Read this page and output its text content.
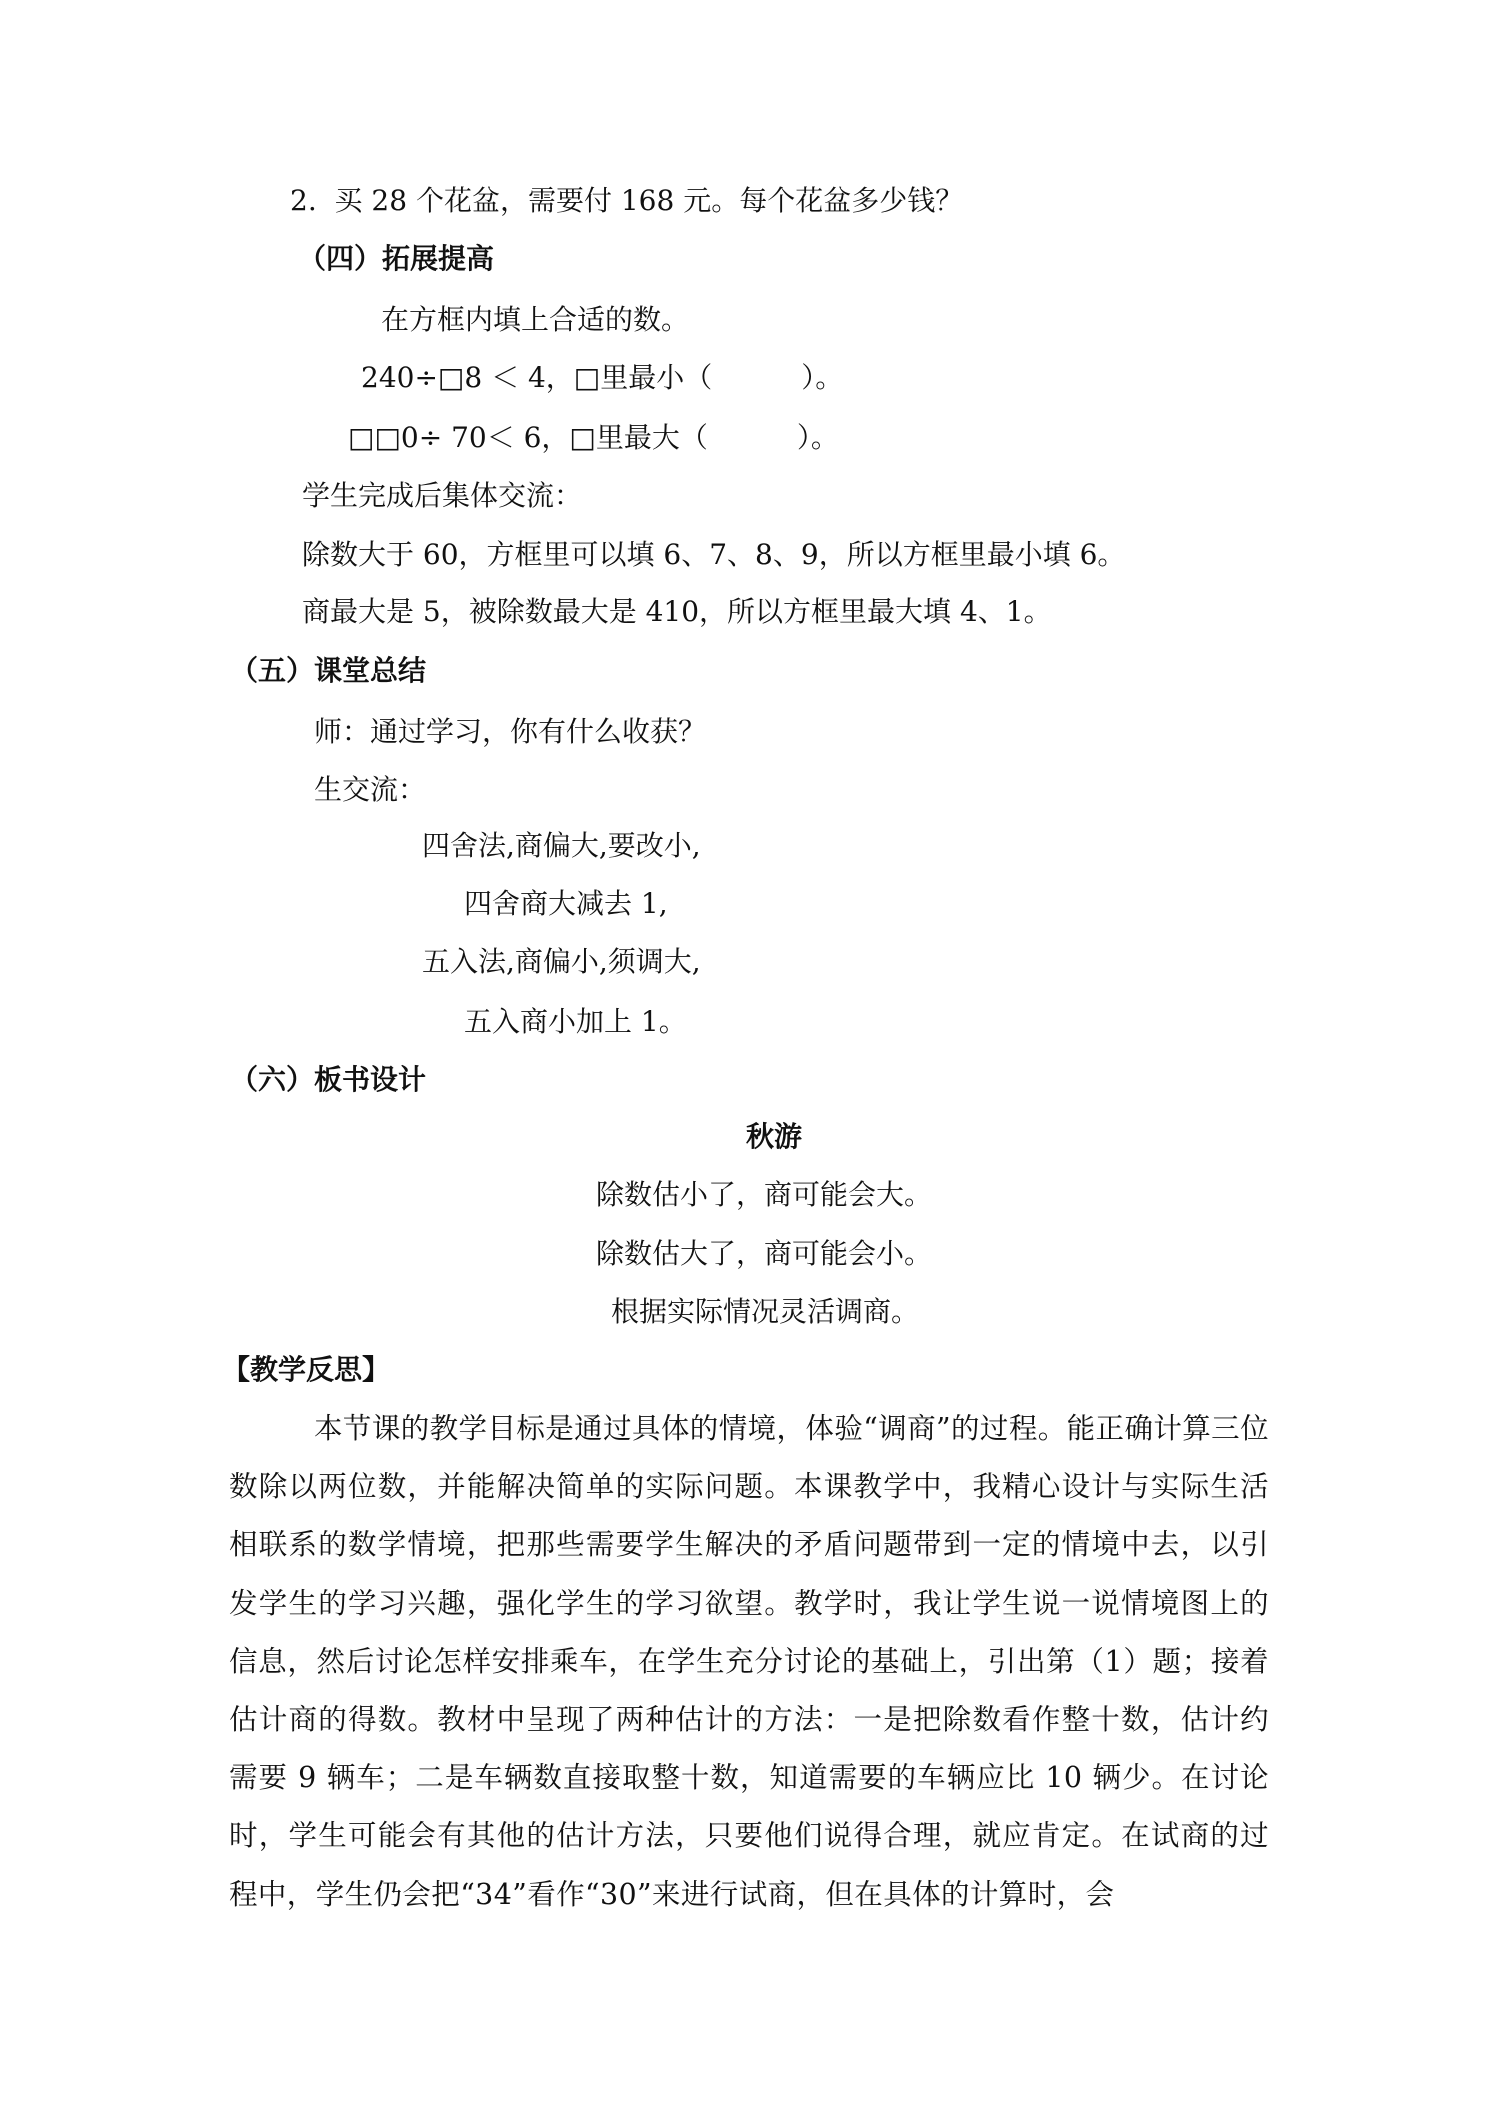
2.  买 28 个花盆，需要付 168 元。每个花盆多少钱？
（四）拓展提高
在方框内填上合适的数。
240÷□8 ＜ 4，□里最小（          ）。
□□0÷ 70＜ 6，□里最大（          ）。
学生完成后集体交流：
除数大于 60，方框里可以填 6、7、8、9，所以方框里最小填 6。
商最大是 5，被除数最大是 410，所以方框里最大填 4、1。
（五）课堂总结
师：通过学习，你有什么收获？
生交流：
四舍法,商偏大,要改小,
四舍商大减去 1,
五入法,商偏小,须调大,
五入商小加上 1。
（六）板书设计
秋游
除数估小了，商可能会大。
除数估大了，商可能会小。
根据实际情况灵活调商。
【教学反思】
本节课的教学目标是通过具体的情境，体验“调商”的过程。能正确计算三位数除以两位数，并能解决简单的实际问题。本课教学中，我精心设计与实际生活相联系的数学情境，把那些需要学生解决的矛盾问题带到一定的情境中去，以引发学生的学习兴趣，强化学生的学习欲望。教学时，我让学生说一说情境图上的信息，然后讨论怎样安排乘车，在学生充分讨论的基础上，引出第（1）题；接着估计商的得数。教材中呈现了两种估计的方法：一是把除数看作整十数，估计约需要 9 辆车；二是车辆数直接取整十数，知道需要的车辆应比 10 辆少。在讨论时，学生可能会有其他的估计方法，只要他们说得合理，就应肯定。在试商的过程中，学生仍会把“34”看作“30”来进行试商，但在具体的计算时，会
